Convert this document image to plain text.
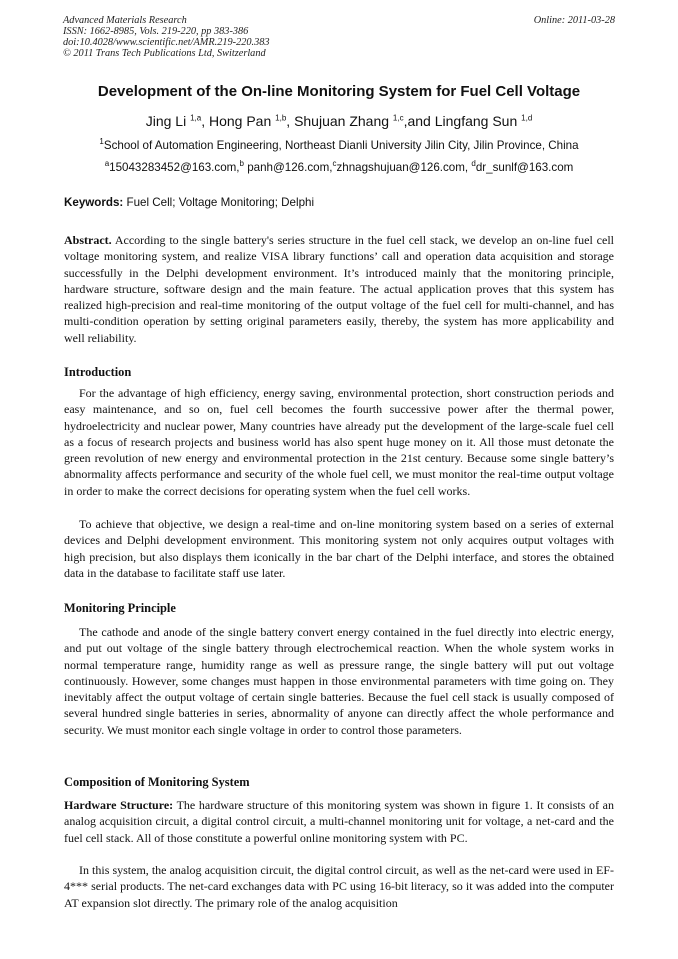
Advanced Materials Research
ISSN: 1662-8985, Vols. 219-220, pp 383-386
doi:10.4028/www.scientific.net/AMR.219-220.383
© 2011 Trans Tech Publications Ltd, Switzerland
Online: 2011-03-28
Development of the On-line Monitoring System for Fuel Cell Voltage
Jing Li $^{1,a}$, Hong Pan $^{1,b}$, Shujuan Zhang $^{1,c}$,and Lingfang Sun $^{1,d}$
$^1$School of Automation Engineering, Northeast Dianli University Jilin City, Jilin Province, China
$^a$15043283452@163.com,$^b$ panh@126.com,$^c$zhnagshujuan@126.com, $^d$dr_sunlf@163.com
Keywords: Fuel Cell; Voltage Monitoring; Delphi
Abstract. According to the single battery's series structure in the fuel cell stack, we develop an on-line fuel cell voltage monitoring system, and realize VISA library functions’ call and operation data acquisition and storage successfully in the Delphi development environment. It’s introduced mainly that the monitoring principle, hardware structure, software design and the main feature. The actual application proves that this system has realized high-precision and real-time monitoring of the output voltage of the fuel cell for multi-channel, and has multi-condition operation by setting original parameters easily, thereby, the system has more applicability and well reliability.
Introduction
For the advantage of high efficiency, energy saving, environmental protection, short construction periods and easy maintenance, and so on, fuel cell becomes the fourth successive power after the thermal power, hydroelectricity and nuclear power, Many countries have already put the development of the large-scale fuel cell as a focus of research projects and business world has also spent huge money on it. All those must detonate the green revolution of new energy and environmental protection in the 21st century. Because some single battery’s abnormality affects performance and security of the whole fuel cell, we must monitor the real-time output voltage in order to make the correct decisions for operating system when the fuel cell works.
To achieve that objective, we design a real-time and on-line monitoring system based on a series of external devices and Delphi development environment. This monitoring system not only acquires output voltages with high precision, but also displays them iconically in the bar chart of the Delphi interface, and stores the obtained data in the database to facilitate staff use later.
Monitoring Principle
The cathode and anode of the single battery convert energy contained in the fuel directly into electric energy, and put out voltage of the single battery through electrochemical reaction. When the whole system works in normal temperature range, humidity range as well as pressure range, the single battery will put out voltage continuously. However, some changes must happen in those environmental parameters with time going on. They inevitably affect the output voltage of certain single batteries. Because the fuel cell stack is usually composed of several hundred single batteries in series, abnormality of anyone can directly affect the whole performance and security. We must monitor each single voltage in order to control those parameters.
Composition of Monitoring System
Hardware Structure: The hardware structure of this monitoring system was shown in figure 1. It consists of an analog acquisition circuit, a digital control circuit, a multi-channel monitoring unit for voltage, a net-card and the fuel cell stack. All of those constitute a powerful online monitoring system with PC.
In this system, the analog acquisition circuit, the digital control circuit, as well as the net-card were used in EF-4*** serial products. The net-card exchanges data with PC using 16-bit literacy, so it was added into the computer AT expansion slot directly. The primary role of the analog acquisition
